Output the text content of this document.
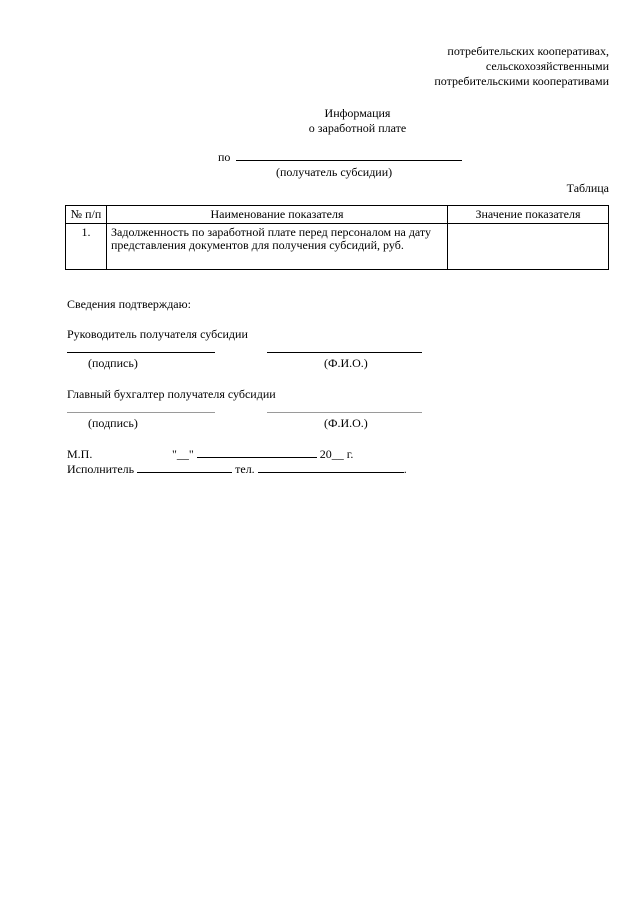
потребительских кооперативах,
сельскохозяйственными
потребительскими кооперативами
Информация
о заработной плате
по
(получатель субсидии)
Таблица
№ п/п	Наименование показателя	Значение показателя
1.	Задолженность по заработной плате перед персоналом на дату представления документов для получения субсидий, руб.	
Сведения подтверждаю:
Руководитель получателя субсидии
(подпись)	(Ф.И.О.)
Главный бухгалтер получателя субсидии
(подпись)	(Ф.И.О.)
М.П.	"__"	20__ г.
Исполнитель	тел.	.
